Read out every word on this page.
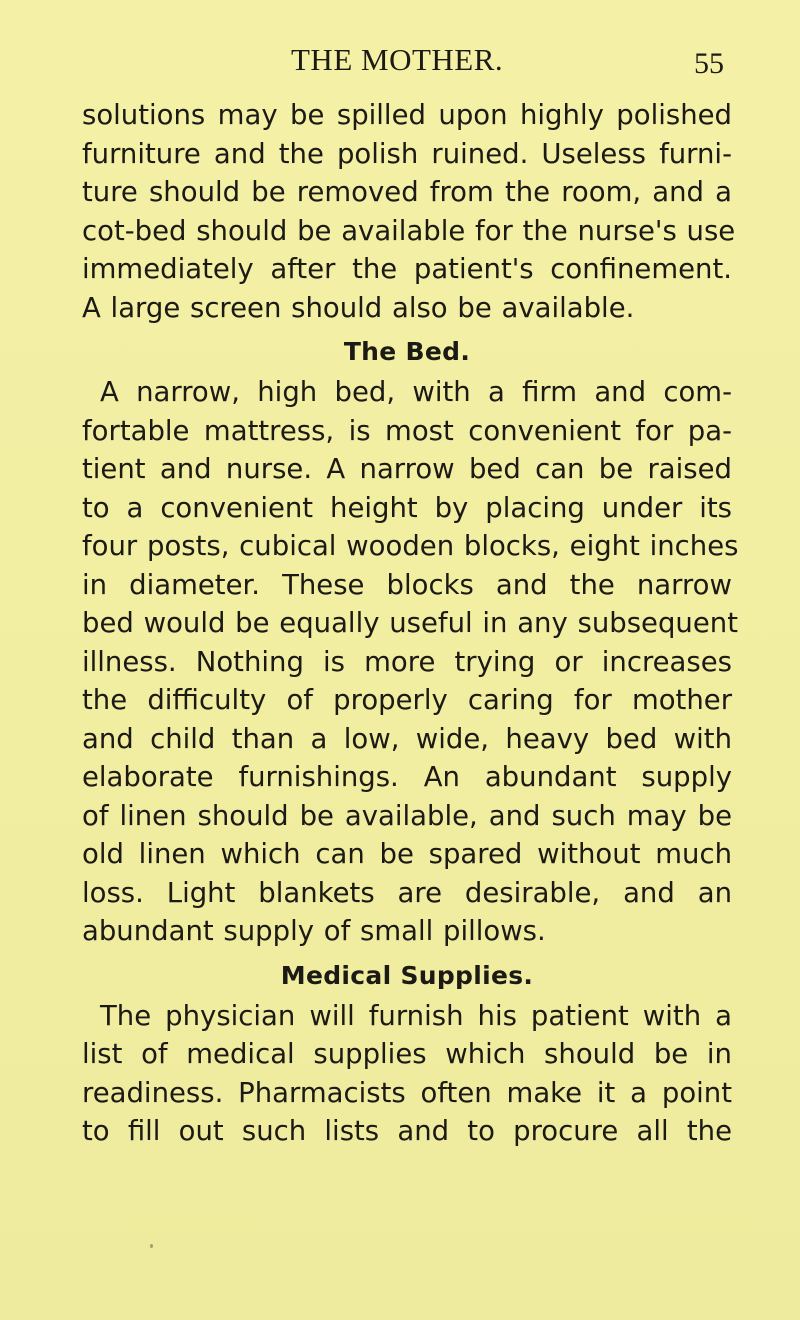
THE MOTHER.	55
solutions may be spilled upon highly polished
furniture and the polish ruined. Useless furni-
ture should be removed from the room, and a
cot-bed should be available for the nurse's use
immediately after the patient's confinement.
A large screen should also be available.
The Bed.
A narrow, high bed, with a firm and com-
fortable mattress, is most convenient for pa-
tient and nurse. A narrow bed can be raised
to a convenient height by placing under its
four posts, cubical wooden blocks, eight inches
in diameter. These blocks and the narrow
bed would be equally useful in any subsequent
illness. Nothing is more trying or increases
the difficulty of properly caring for mother
and child than a low, wide, heavy bed with
elaborate furnishings. An abundant supply
of linen should be available, and such may be
old linen which can be spared without much
loss. Light blankets are desirable, and an
abundant supply of small pillows.
Medical Supplies.
The physician will furnish his patient with a
list of medical supplies which should be in
readiness. Pharmacists often make it a point
to fill out such lists and to procure all the
